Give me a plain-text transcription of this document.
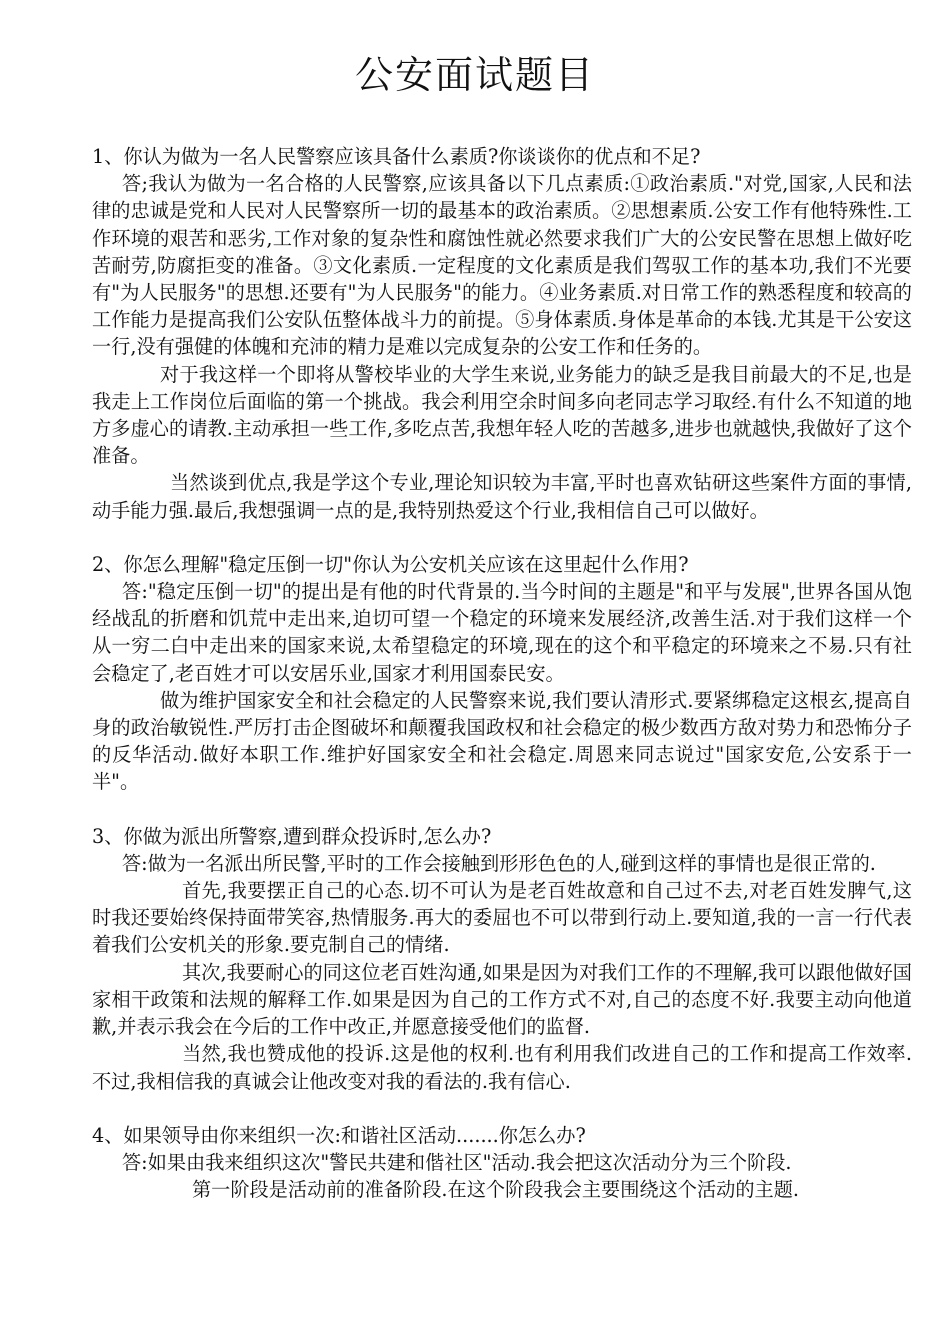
公安面试题目

1、你认为做为一名人民警察应该具备什么素质?你谈谈你的优点和不足?

答;我认为做为一名合格的人民警察,应该具备以下几点素质:①政治素质."对党,国家,人民和法律的忠诚是党和人民对人民警察所一切的最基本的政治素质。②思想素质.公安工作有他特殊性.工作环境的艰苦和恶劣,工作对象的复杂性和腐蚀性就必然要求我们广大的公安民警在思想上做好吃苦耐劳,防腐拒变的准备。③文化素质.一定程度的文化素质是我们驾驭工作的基本功,我们不光要有"为人民服务"的思想.还要有"为人民服务"的能力。④业务素质.对日常工作的熟悉程度和较高的工作能力是提高我们公安队伍整体战斗力的前提。⑤身体素质.身体是革命的本钱.尤其是干公安这一行,没有强健的体魄和充沛的精力是难以完成复杂的公安工作和任务的。

对于我这样一个即将从警校毕业的大学生来说,业务能力的缺乏是我目前最大的不足,也是我走上工作岗位后面临的第一个挑战。我会利用空余时间多向老同志学习取经.有什么不知道的地方多虚心的请教.主动承担一些工作,多吃点苦,我想年轻人吃的苦越多,进步也就越快,我做好了这个准备。

当然谈到优点,我是学这个专业,理论知识较为丰富,平时也喜欢钻研这些案件方面的事情,动手能力强.最后,我想强调一点的是,我特别热爱这个行业,我相信自己可以做好。

2、你怎么理解"稳定压倒一切"你认为公安机关应该在这里起什么作用?

答:"稳定压倒一切"的提出是有他的时代背景的.当今时间的主题是"和平与发展",世界各国从饱经战乱的折磨和饥荒中走出来,迫切可望一个稳定的环境来发展经济,改善生活.对于我们这样一个从一穷二白中走出来的国家来说,太希望稳定的环境,现在的这个和平稳定的环境来之不易.只有社会稳定了,老百姓才可以安居乐业,国家才利用国泰民安。

做为维护国家安全和社会稳定的人民警察来说,我们要认清形式.要紧绑稳定这根玄,提高自身的政治敏锐性.严厉打击企图破坏和颠覆我国政权和社会稳定的极少数西方敌对势力和恐怖分子的反华活动.做好本职工作.维护好国家安全和社会稳定.周恩来同志说过"国家安危,公安系于一半"。

3、你做为派出所警察,遭到群众投诉时,怎么办?

答:做为一名派出所民警,平时的工作会接触到形形色色的人,碰到这样的事情也是很正常的.

首先,我要摆正自己的心态.切不可认为是老百姓故意和自己过不去,对老百姓发脾气,这时我还要始终保持面带笑容,热情服务.再大的委屈也不可以带到行动上.要知道,我的一言一行代表着我们公安机关的形象.要克制自己的情绪.

其次,我要耐心的同这位老百姓沟通,如果是因为对我们工作的不理解,我可以跟他做好国家相干政策和法规的解释工作.如果是因为自己的工作方式不对,自己的态度不好.我要主动向他道歉,并表示我会在今后的工作中改正,并愿意接受他们的监督.

当然,我也赞成他的投诉.这是他的权利.也有利用我们改进自己的工作和提高工作效率.不过,我相信我的真诚会让他改变对我的看法的.我有信心.

4、如果领导由你来组织一次:和谐社区活动.......你怎么办?

答:如果由我来组织这次"警民共建和偕社区"活动.我会把这次活动分为三个阶段.

第一阶段是活动前的准备阶段.在这个阶段我会主要围绕这个活动的主题.
